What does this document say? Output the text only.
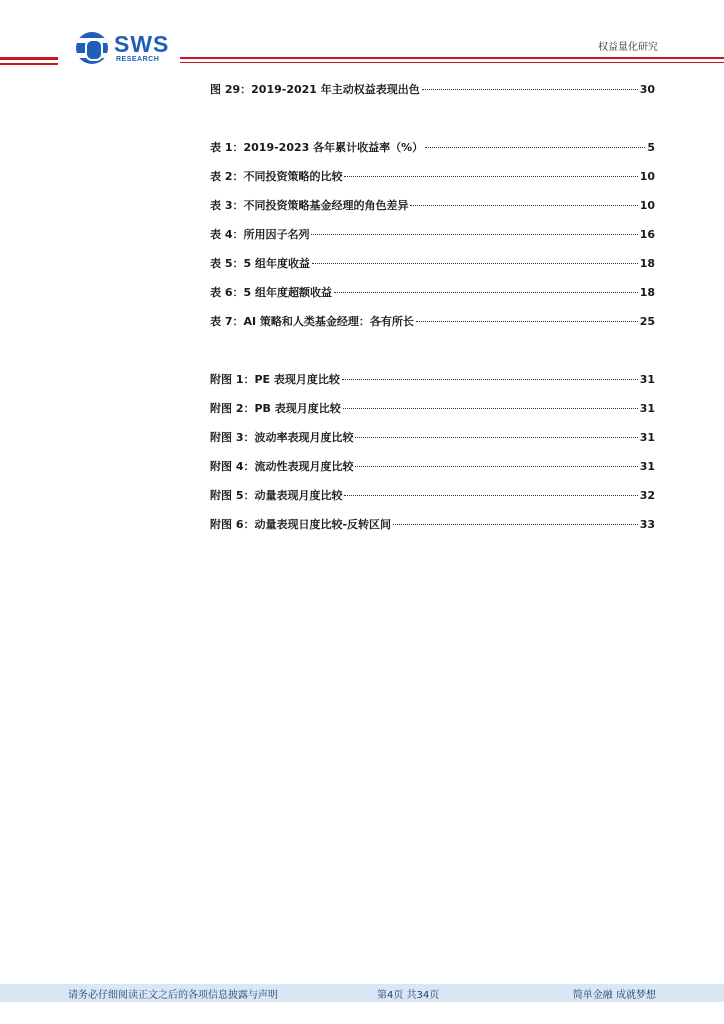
SWS
RESEARCH
权益量化研究
图 29：2019-2021 年主动权益表现出色	30
表 1：2019-2023 各年累计收益率（%）	5
表 2：不同投资策略的比较	10
表 3：不同投资策略基金经理的角色差异	10
表 4：所用因子名列	16
表 5：5 组年度收益	18
表 6：5 组年度超额收益	18
表 7：AI 策略和人类基金经理：各有所长	25
附图 1：PE 表现月度比较	31
附图 2：PB 表现月度比较	31
附图 3：波动率表现月度比较	31
附图 4：流动性表现月度比较	31
附图 5：动量表现月度比较	32
附图 6：动量表现日度比较-反转区间	33
请务必仔细阅读正文之后的各项信息披露与声明	第4页 共34页	简单金融 成就梦想
